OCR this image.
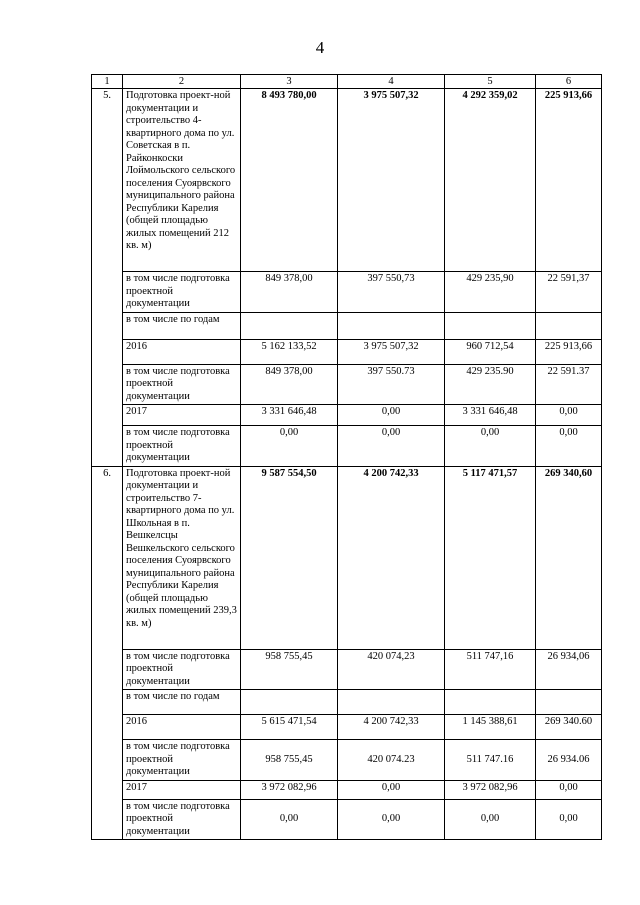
4
1	2	3	4	5	6
5.	Подготовка проект-ной документации и строительство 4-квартирного дома по ул. Советская в п. Райконкоски Лоймольского сельского поселения Суоярвского муниципального района Республики Карелия (общей площадью жилых помещений 212 кв. м)	8 493 780,00	3 975 507,32	4 292 359,02	225 913,66
	в том числе подготовка проектной документации	849 378,00	397 550,73	429 235,90	22 591,37
	в том числе по годам				
	2016	5 162 133,52	3 975 507,32	960 712,54	225 913,66
	в том числе подготовка проектной документации	849 378,00	397 550.73	429 235.90	22 591.37
	2017	3 331 646,48	0,00	3 331 646,48	0,00
	в том числе подготовка проектной документации	0,00	0,00	0,00	0,00
6.	Подготовка проект-ной документации и строительство 7-квартирного дома по ул. Школьная в п. Вешкелсцы Вешкельского сельского поселения Суоярвского муниципального района Республики Карелия (общей площадью жилых помещений 239,3 кв. м)	9 587 554,50	4 200 742,33	5 117 471,57	269 340,60
	в том числе подготовка проектной документации	958 755,45	420 074,23	511 747,16	26 934,06
	в том числе по годам				
	2016	5 615 471,54	4 200 742,33	1 145 388,61	269 340.60
	в том числе подготовка проектной документации	958 755,45	420 074.23	511 747.16	26 934.06
	2017	3 972 082,96	0,00	3 972 082,96	0,00
	в том числе подготовка проектной документации	0,00	0,00	0,00	0,00
